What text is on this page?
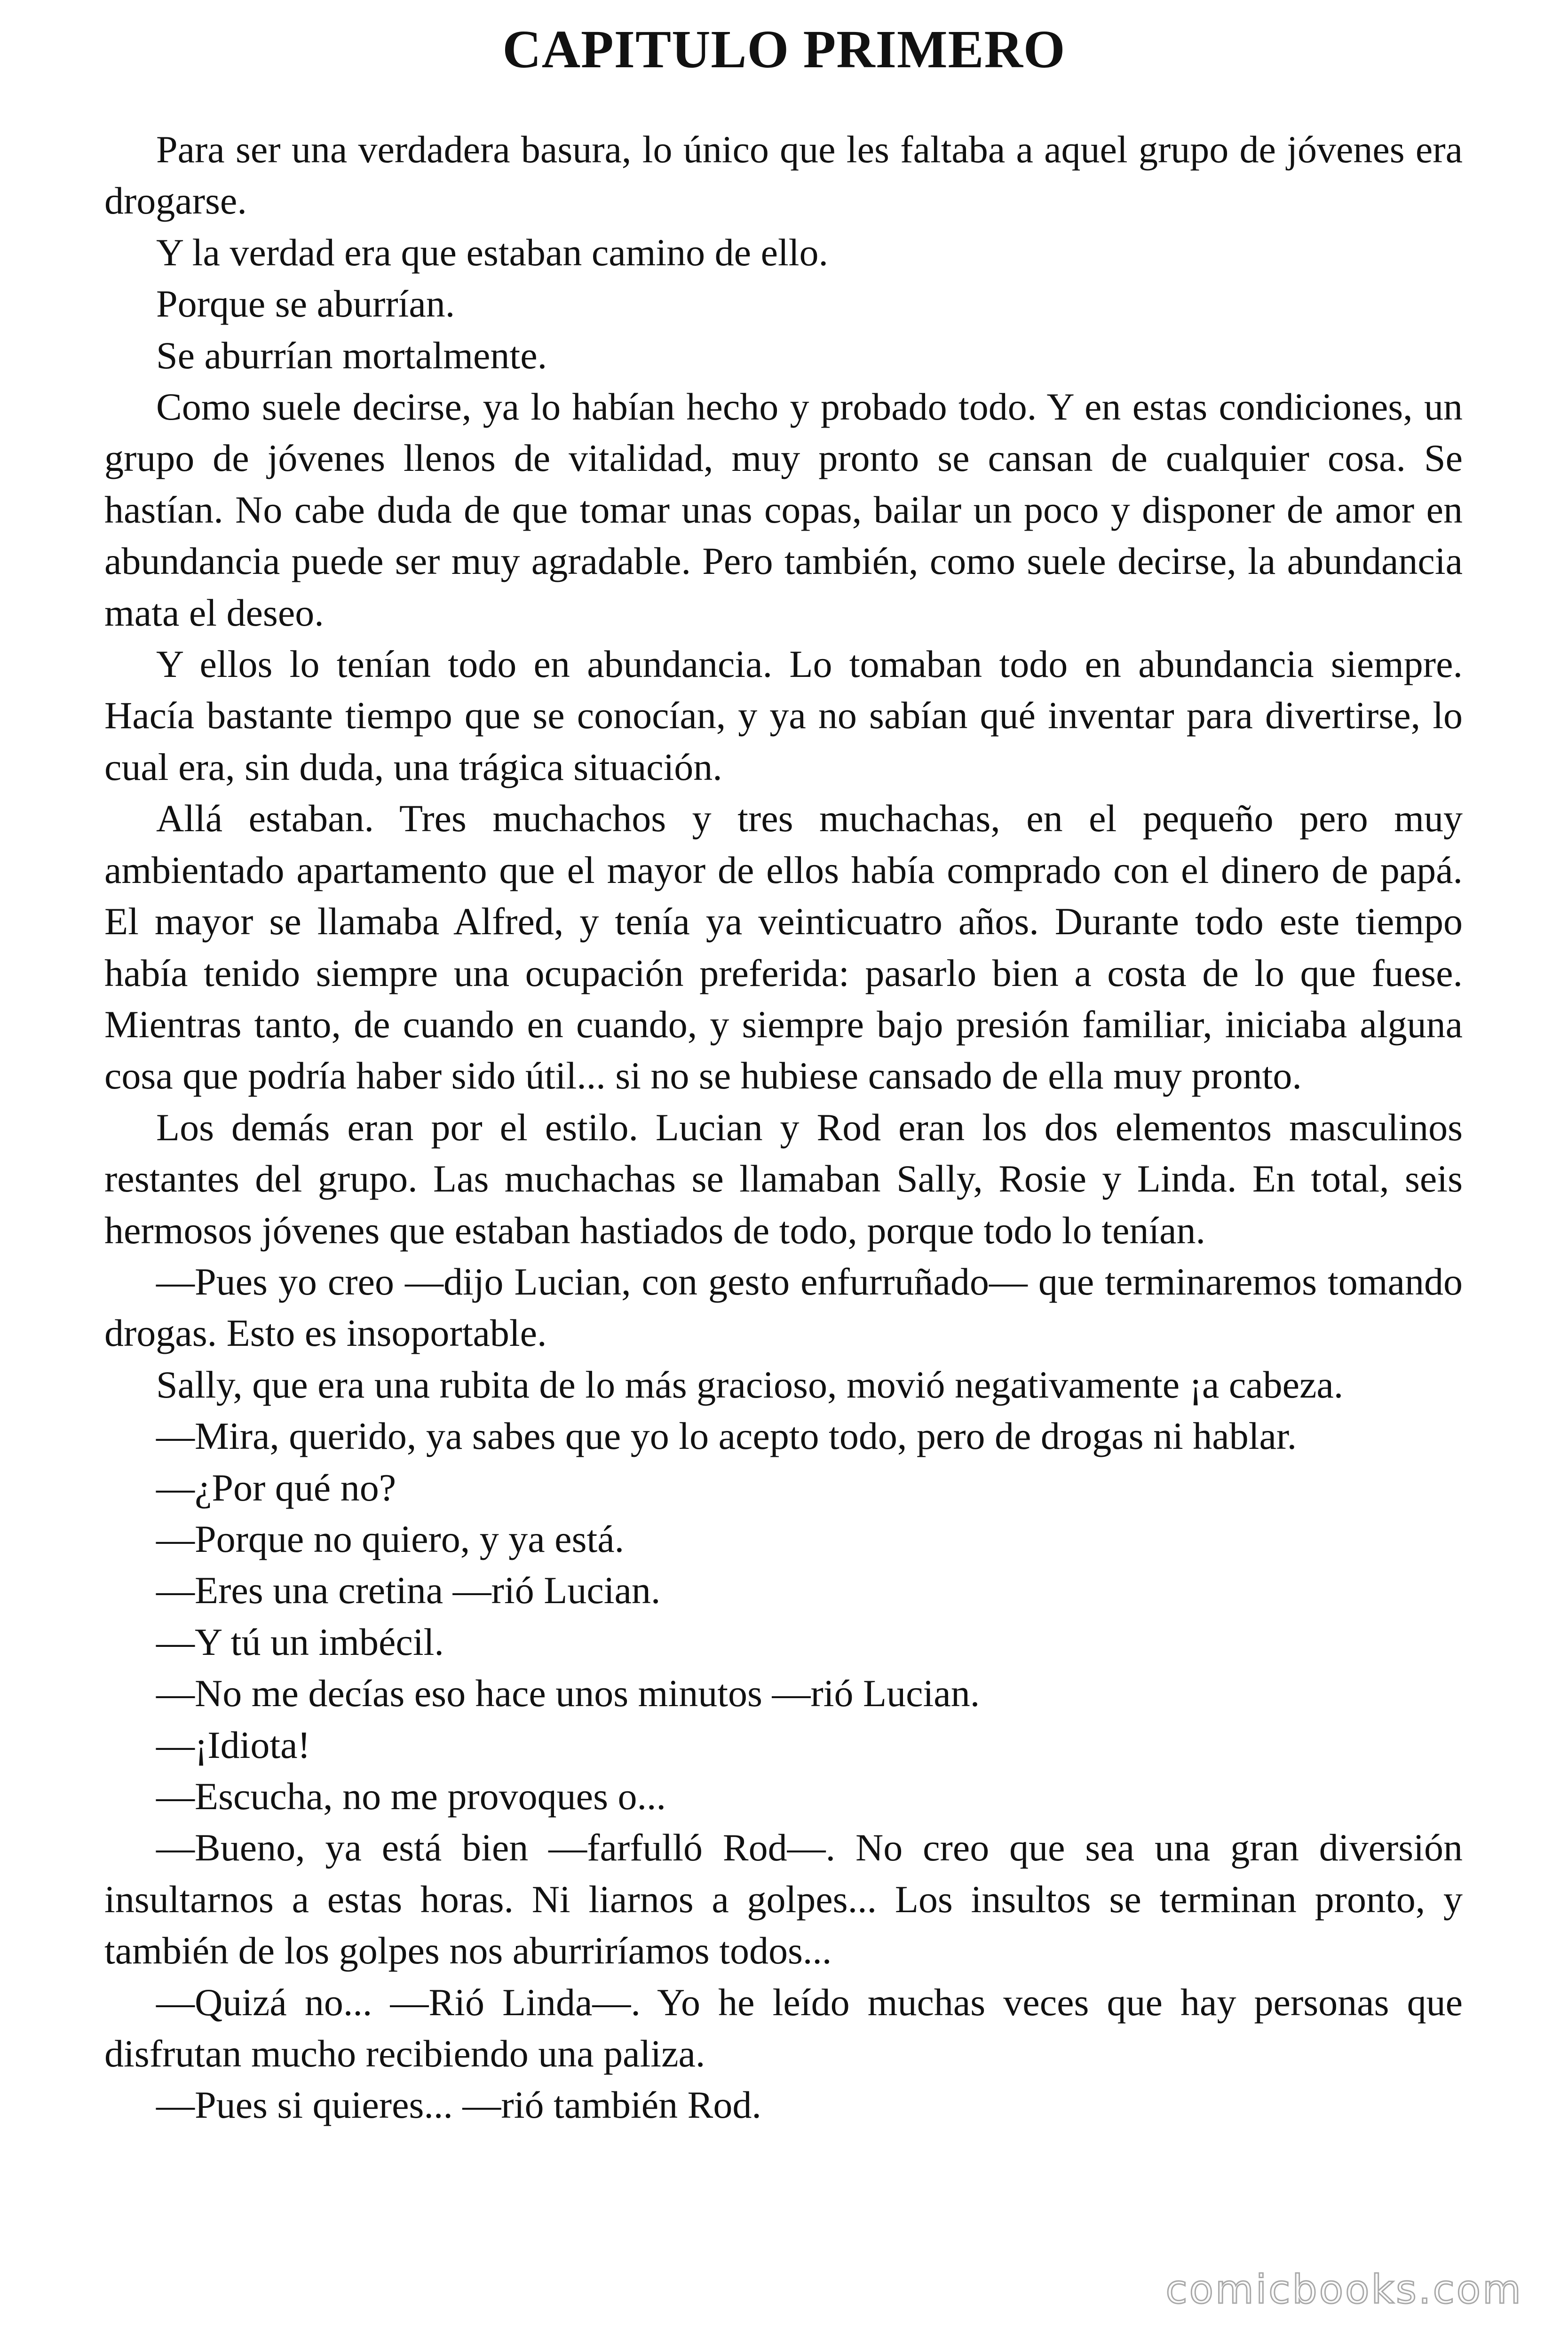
CAPITULO PRIMERO

Para ser una verdadera basura, lo único que les faltaba a aquel grupo de jóvenes era drogarse.

Y la verdad era que estaban camino de ello.

Porque se aburrían.

Se aburrían mortalmente.

Como suele decirse, ya lo habían hecho y probado todo. Y en estas condiciones, un grupo de jóvenes llenos de vitalidad, muy pronto se cansan de cualquier cosa. Se hastían. No cabe duda de que tomar unas copas, bailar un poco y disponer de amor en abundancia puede ser muy agradable. Pero también, como suele decirse, la abundancia mata el deseo.

Y ellos lo tenían todo en abundancia. Lo tomaban todo en abundancia siempre. Hacía bastante tiempo que se conocían, y ya no sabían qué inventar para divertirse, lo cual era, sin duda, una trágica situación.

Allá estaban. Tres muchachos y tres muchachas, en el pequeño pero muy ambientado apartamento que el mayor de ellos había comprado con el dinero de papá. El mayor se llamaba Alfred, y tenía ya veinticuatro años. Durante todo este tiempo había tenido siempre una ocupación preferida: pasarlo bien a costa de lo que fuese. Mientras tanto, de cuando en cuando, y siempre bajo presión familiar, iniciaba alguna cosa que podría haber sido útil... si no se hubiese cansado de ella muy pronto.

Los demás eran por el estilo. Lucian y Rod eran los dos elementos masculinos restantes del grupo. Las muchachas se llamaban Sally, Rosie y Linda. En total, seis hermosos jóvenes que estaban hastiados de todo, porque todo lo tenían.

—Pues yo creo —dijo Lucian, con gesto enfurruñado— que terminaremos tomando drogas. Esto es insoportable.

Sally, que era una rubita de lo más gracioso, movió negativamente ¡a cabeza.

—Mira, querido, ya sabes que yo lo acepto todo, pero de drogas ni hablar.

—¿Por qué no?

—Porque no quiero, y ya está.

—Eres una cretina —rió Lucian.

—Y tú un imbécil.

—No me decías eso hace unos minutos —rió Lucian.

—¡Idiota!

—Escucha, no me provoques o...

—Bueno, ya está bien —farfulló Rod—. No creo que sea una gran diversión insultarnos a estas horas. Ni liarnos a golpes... Los insultos se terminan pronto, y también de los golpes nos aburriríamos todos...

—Quizá no... —Rió Linda—. Yo he leído muchas veces que hay personas que disfrutan mucho recibiendo una paliza.

—Pues si quieres... —rió también Rod.

comicbooks.com
